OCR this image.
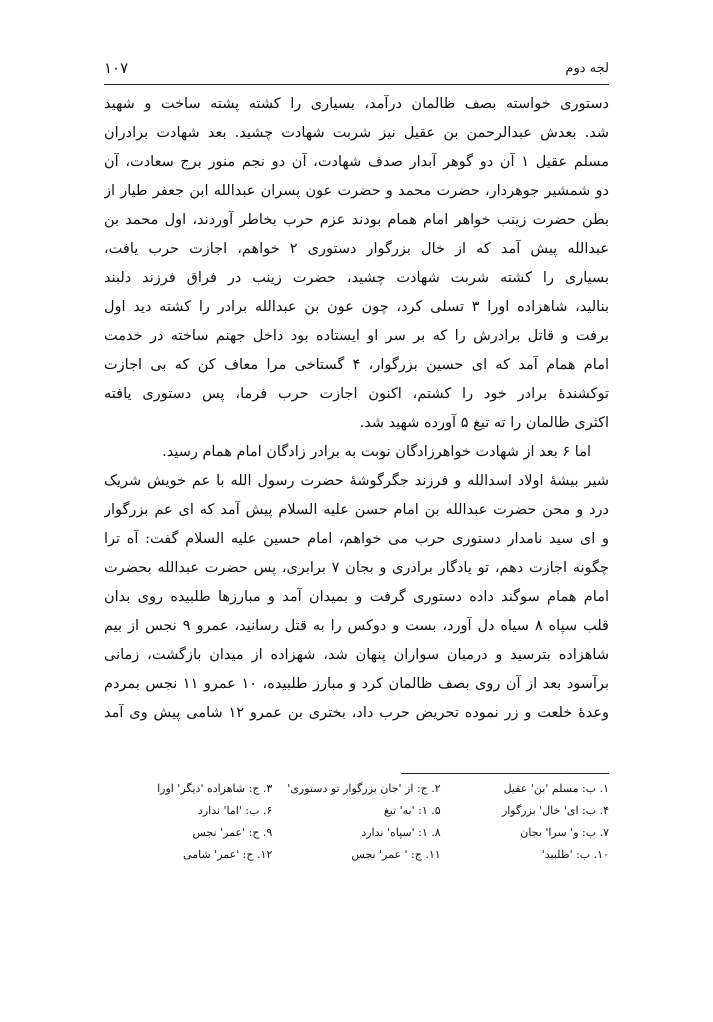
لجه دوم
۱۰۷
دستوری خواسته بصف ظالمان درآمد، بسیاری را کشته پشته ساخت و شهید
شد. بعدش عبدالرحمن بن عقیل نیز شربت شهادت چشید. بعد شهادت برادران
مسلم عقیل ۱ آن دو گوهر آبدار صدف شهادت، آن دو نجم منور برج سعادت، آن
دو شمشیر جوهردار، حضرت محمد و حضرت عون پسران عبدالله ابن جعفر طیار از
بطن حضرت زینب خواهر امام همام بودند عزم حرب بخاطر آوردند، اول محمد بن
عبدالله پیش آمد که از خال بزرگوار دستوری ۲ خواهم، اجازت حرب یافت،
بسیاری را کشته شربت شهادت چشید، حضرت زینب در فراق فرزند دلبند
بنالید، شاهزاده اورا ۳ تسلی کرد، چون عون بن عبدالله برادر را کشته دید اول
برفت و قاتل برادرش را که بر سر او ایستاده بود داخل جهنم ساخته در خدمت
امام همام آمد که ای حسین بزرگوار، ۴ گستاخی مرا معاف کن که بی اجازت
توکشندۀ برادر خود را کشتم، اکنون اجازت حرب فرما، پس دستوری یافته
اکثری ظالمان را ته تیغ ۵ آورده شهید شد.
اما ۶ بعد از شهادت خواهرزادگان نوبت به برادر زادگان امام همام رسید.
شیر بیشۀ اولاد اسدالله و فرزند جگرگوشۀ حضرت رسول الله با عم خویش شریک
درد و محن حضرت عبدالله بن امام حسن علیه السلام پیش آمد که ای عم بزرگوار
و ای سید نامدار دستوری حرب می خواهم، امام حسین علیه السلام گفت: آه ترا
چگونه اجازت دهم، تو یادگار برادری و بجان ۷ برابری، پس حضرت عبدالله بحضرت
امام همام سوگند داده دستوری گرفت و بمیدان آمد و مبارزها طلبیده روی بدان
قلب سپاه ۸ سیاه دل آورد، بست و دوکس را به قتل رسانید، عمرو ۹ نجس از بیم
شاهزاده بترسید و درمیان سواران پنهان شد، شهزاده از میدان بازگشت، زمانی
برآسود بعد از آن روی بصف ظالمان کرد و مبارز طلبیده، ۱۰ عمرو ۱۱ نجس بمردم
وعدۀ خلعت و زر نموده تحریض حرب داد، بختری بن عمرو ۱۲ شامی پیش وی آمد
۱. ب: مسلم 'بن' عقیل
۲. ج: از 'جان بزرگوار تو دستوری'
۳. ج: شاهزاده 'دیگر' اورا
۴. ب: ای' خال' بزرگوار
۵. ۱: 'به' تیغ
۶. ب: 'اما' ندارد
۷. ب: و' سرا' بجان
۸. ۱: 'سپاه' ندارد
۹. ج: 'عمر' نجس
۱۰. ب: 'طلبید'
۱۱. ج: ' عمر' نجس
۱۲. ج: 'عمر' شامی
